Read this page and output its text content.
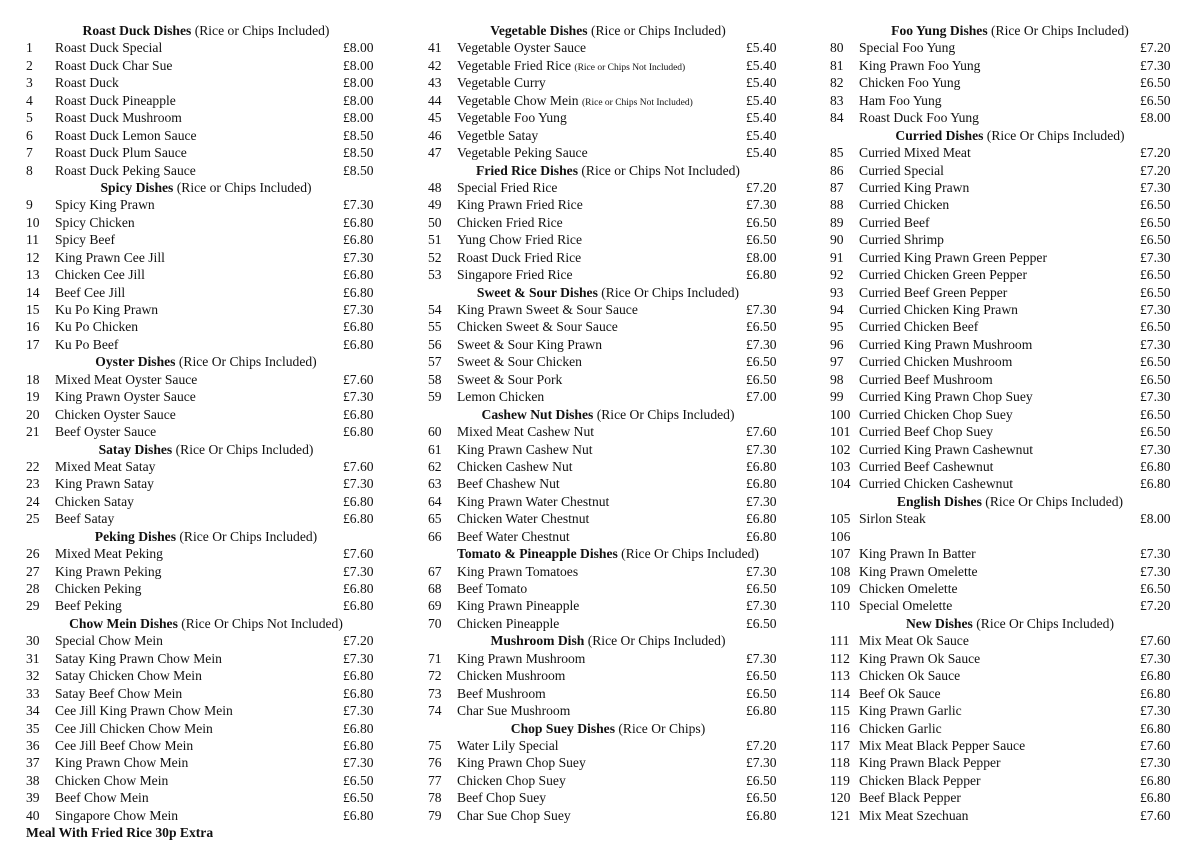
Roast Duck Dishes (Rice or Chips Included)
1 Roast Duck Special	£8.00
2 Roast Duck Char Sue	£8.00
3 Roast Duck	£8.00
4 Roast Duck Pineapple	£8.00
5 Roast Duck Mushroom	£8.00
6 Roast Duck Lemon Sauce	£8.50
7 Roast Duck Plum Sauce	£8.50
8 Roast Duck Peking Sauce	£8.50
Spicy Dishes (Rice or Chips Included)
9 Spicy King Prawn	£7.30
10 Spicy Chicken	£6.80
11 Spicy Beef	£6.80
12 King Prawn Cee Jill	£7.30
13 Chicken Cee Jill	£6.80
14 Beef Cee Jill	£6.80
15 Ku Po King Prawn	£7.30
16 Ku Po Chicken	£6.80
17 Ku Po Beef	£6.80
Oyster Dishes (Rice Or Chips Included)
18 Mixed Meat Oyster Sauce	£7.60
19 King Prawn Oyster Sauce	£7.30
20 Chicken Oyster Sauce	£6.80
21 Beef Oyster Sauce	£6.80
Satay Dishes (Rice Or Chips Included)
22 Mixed Meat Satay	£7.60
23 King Prawn Satay	£7.30
24 Chicken Satay	£6.80
25 Beef Satay	£6.80
Peking Dishes (Rice Or Chips Included)
26 Mixed Meat Peking	£7.60
27 King Prawn Peking	£7.30
28 Chicken Peking	£6.80
29 Beef Peking	£6.80
Chow Mein Dishes (Rice Or Chips Not Included)
30 Special Chow Mein	£7.20
31 Satay King Prawn Chow Mein	£7.30
32 Satay Chicken Chow Mein	£6.80
33 Satay Beef Chow Mein	£6.80
34 Cee Jill King Prawn Chow Mein	£7.30
35 Cee Jill Chicken Chow Mein	£6.80
36 Cee Jill Beef Chow Mein	£6.80
37 King Prawn Chow Mein	£7.30
38 Chicken Chow Mein	£6.50
39 Beef Chow Mein	£6.50
40 Singapore Chow Mein	£6.80
Meal With Fried Rice 30p Extra
Vegetable Dishes (Rice or Chips Included)
41 Vegetable Oyster Sauce	£5.40
42 Vegetable Fried Rice (Rice or Chips Not Included)	£5.40
43 Vegetable Curry	£5.40
44 Vegetable Chow Mein (Rice or Chips Not Included)	£5.40
45 Vegetable Foo Yung	£5.40
46 Vegetble Satay	£5.40
47 Vegetable Peking Sauce	£5.40
Fried Rice Dishes (Rice or Chips Not Included)
48 Special Fried Rice	£7.20
49 King Prawn Fried Rice	£7.30
50 Chicken Fried Rice	£6.50
51 Yung Chow Fried Rice	£6.50
52 Roast Duck Fried Rice	£8.00
53 Singapore Fried Rice	£6.80
Sweet & Sour Dishes (Rice Or Chips Included)
54 King Prawn Sweet & Sour Sauce	£7.30
55 Chicken Sweet & Sour Sauce	£6.50
56 Sweet & Sour King Prawn	£7.30
57 Sweet & Sour Chicken	£6.50
58 Sweet & Sour Pork	£6.50
59 Lemon Chicken	£7.00
Cashew Nut Dishes (Rice Or Chips Included)
60 Mixed Meat Cashew Nut	£7.60
61 King Prawn Cashew Nut	£7.30
62 Chicken Cashew Nut	£6.80
63 Beef Chashew Nut	£6.80
64 King Prawn Water Chestnut	£7.30
65 Chicken Water Chestnut	£6.80
66 Beef Water Chestnut	£6.80
Tomato & Pineapple Dishes (Rice Or Chips Included)
67 King Prawn Tomatoes	£7.30
68 Beef Tomato	£6.50
69 King Prawn Pineapple	£7.30
70 Chicken Pineapple	£6.50
Mushroom Dish (Rice Or Chips Included)
71 King Prawn Mushroom	£7.30
72 Chicken Mushroom	£6.50
73 Beef Mushroom	£6.50
74 Char Sue Mushroom	£6.80
Chop Suey Dishes (Rice Or Chips)
75 Water Lily Special	£7.20
76 King Prawn Chop Suey	£7.30
77 Chicken Chop Suey	£6.50
78 Beef Chop Suey	£6.50
79 Char Sue Chop Suey	£6.80
Foo Yung Dishes (Rice Or Chips Included)
80 Special Foo Yung	£7.20
81 King Prawn Foo Yung	£7.30
82 Chicken Foo Yung	£6.50
83 Ham Foo Yung	£6.50
84 Roast Duck Foo Yung	£8.00
Curried Dishes (Rice Or Chips Included)
85 Curried Mixed Meat	£7.20
86 Curried Special	£7.20
87 Curried King Prawn	£7.30
88 Curried Chicken	£6.50
89 Curried Beef	£6.50
90 Curried Shrimp	£6.50
91 Curried King Prawn Green Pepper	£7.30
92 Curried Chicken Green Pepper	£6.50
93 Curried Beef Green Pepper	£6.50
94 Curried Chicken King Prawn	£7.30
95 Curried Chicken Beef	£6.50
96 Curried King Prawn Mushroom	£7.30
97 Curried Chicken Mushroom	£6.50
98 Curried Beef Mushroom	£6.50
99 Curried King Prawn Chop Suey	£7.30
100 Curried Chicken Chop Suey	£6.50
101 Curried Beef Chop Suey	£6.50
102 Curried King Prawn Cashewnut	£7.30
103 Curried Beef Cashewnut	£6.80
104 Curried Chicken Cashewnut	£6.80
English Dishes (Rice Or Chips Included)
105 Sirlon Steak	£8.00
106
107 King Prawn In Batter	£7.30
108 King Prawn Omelette	£7.30
109 Chicken Omelette	£6.50
110 Special Omelette	£7.20
New Dishes (Rice Or Chips Included)
111 Mix Meat Ok Sauce	£7.60
112 King Prawn Ok Sauce	£7.30
113 Chicken Ok Sauce	£6.80
114 Beef Ok Sauce	£6.80
115 King Prawn Garlic	£7.30
116 Chicken Garlic	£6.80
117 Mix Meat Black Pepper Sauce	£7.60
118 King Prawn Black Pepper	£7.30
119 Chicken Black Pepper	£6.80
120 Beef Black Pepper	£6.80
121 Mix Meat Szechuan	£7.60
